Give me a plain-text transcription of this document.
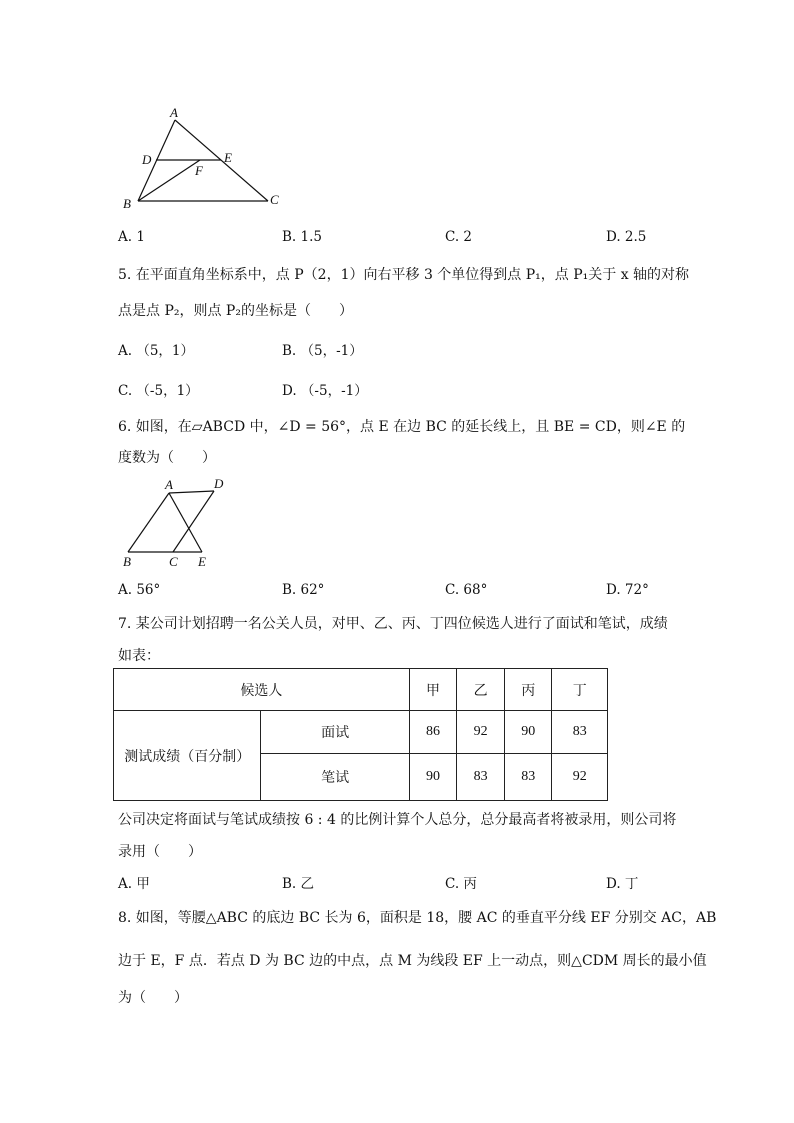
A
D	E
F
B	C
A. 1	B. 1.5	C. 2	D. 2.5
5. 在平面直角坐标系中，点 P（2，1）向右平移 3 个单位得到点 P₁，点 P₁关于 x 轴的对称
点是点 P₂，则点 P₂的坐标是（　　）
A. （5，1）	B. （5，-1）
C. （-5，1）	D. （-5，-1）
6. 如图，在▱ABCD 中，∠D = 56°，点 E 在边 BC 的延长线上，且 BE = CD，则∠E 的
度数为（　　）
A	D
B	C E
A. 56°	B. 62°	C. 68°	D. 72°
7. 某公司计划招聘一名公关人员，对甲、乙、丙、丁四位候选人进行了面试和笔试，成绩
如表：
候选人		甲	乙	丙	丁
测试成绩（百分制）	面试	86	92	90	83
	笔试	90	83	83	92
公司决定将面试与笔试成绩按 6 : 4 的比例计算个人总分，总分最高者将被录用，则公司将
录用（　　）
A. 甲	B. 乙	C. 丙	D. 丁
8. 如图，等腰△ABC 的底边 BC 长为 6，面积是 18，腰 AC 的垂直平分线 EF 分别交 AC，AB
边于 E，F 点．若点 D 为 BC 边的中点，点 M 为线段 EF 上一动点，则△CDM 周长的最小值
为（　　）
